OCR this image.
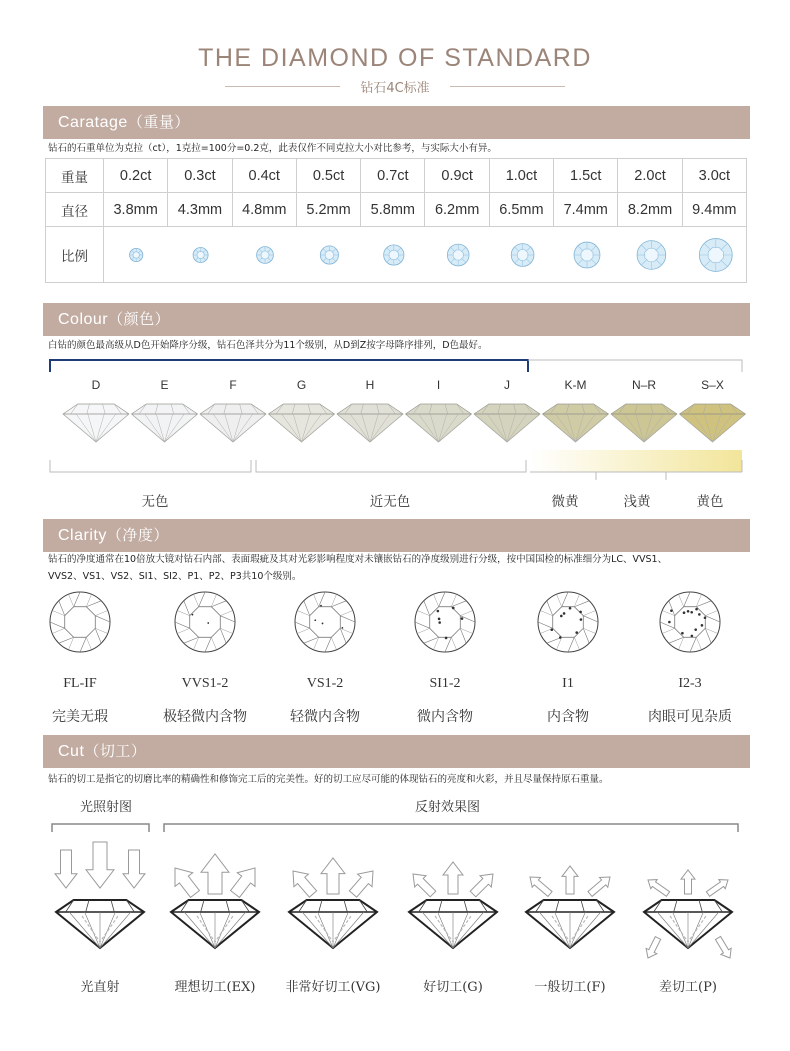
THE DIAMOND OF STANDARD
钻石4C标准
Caratage（重量）
钻石的石重单位为克拉（ct），1克拉=100分=0.2克，此表仅作不同克拉大小对比参考，与实际大小有异。
重量	0.2ct	0.3ct	0.4ct	0.5ct	0.7ct	0.9ct	1.0ct	1.5ct	2.0ct	3.0ct
直径	3.8mm	4.3mm	4.8mm	5.2mm	5.8mm	6.2mm	6.5mm	7.4mm	8.2mm	9.4mm
比例	
Colour（颜色）
白钻的颜色最高级从D色开始降序分级，钻石色泽共分为11个级别，从D到Z按字母降序排列，D色最好。
D	E	F	G	H	I	J	K-M	N–R	S–X
无色	近无色	微黄	浅黄	黄色
Clarity（净度）
钻石的净度通常在10倍放大镜对钻石内部、表面瑕疵及其对光彩影响程度对未镶嵌钻石的净度级别进行分级，按中国国检的标准细分为LC、VVS1、
VVS2、VS1、VS2、SI1、SI2、P1、P2、P3共10个级别。
FL-IF
完美无瑕
VVS1-2
极轻微内含物
VS1-2
轻微内含物
SI1-2
微内含物
I1
内含物
I2-3
肉眼可见杂质
Cut（切工）
钻石的切工是指它的切磨比率的精确性和修饰完工后的完美性。好的切工应尽可能的体现钻石的亮度和火彩，并且尽量保持原石重量。
光照射图	反射效果图
光直射	理想切工(EX)	非常好切工(VG)	好切工(G)	一般切工(F)	差切工(P)
